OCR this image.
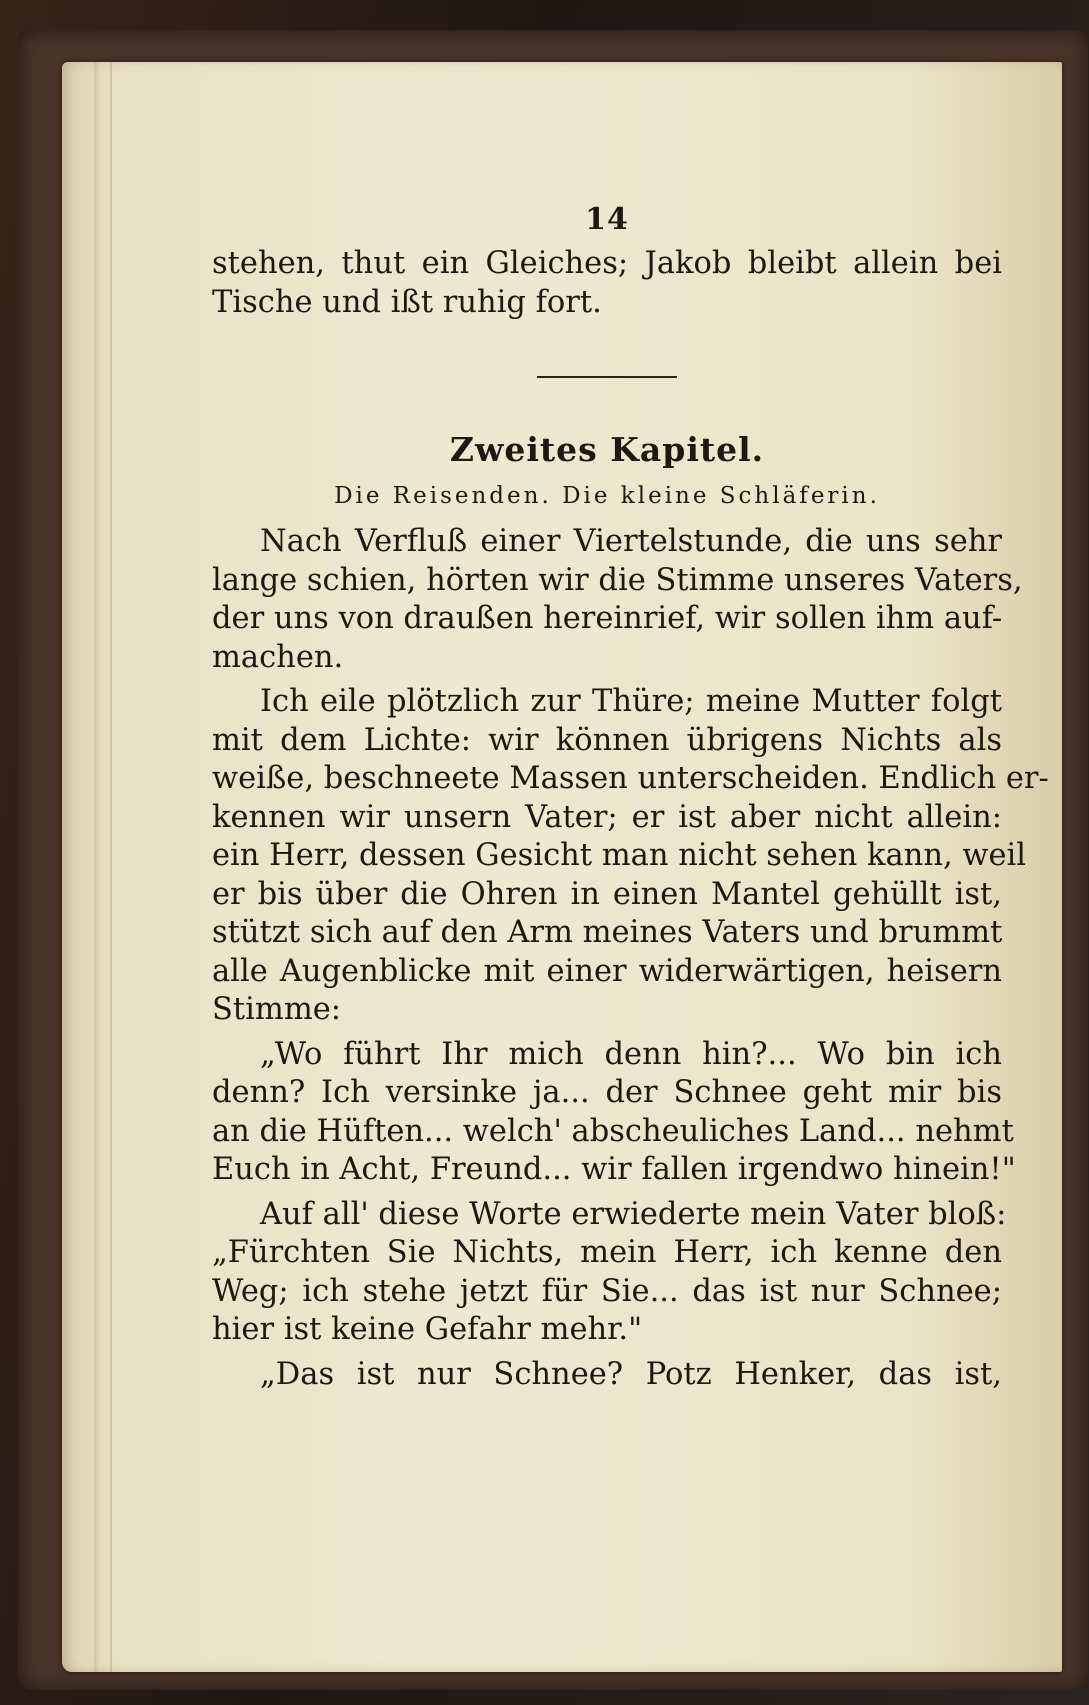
14
stehen, thut ein Gleiches; Jakob bleibt allein bei
Tische und ißt ruhig fort.
Zweites Kapitel.
Die Reisenden. Die kleine Schläferin.
Nach Verfluß einer Viertelstunde, die uns sehr
lange schien, hörten wir die Stimme unseres Vaters,
der uns von draußen hereinrief, wir sollen ihm auf-
machen.
Ich eile plötzlich zur Thüre; meine Mutter folgt
mit dem Lichte: wir können übrigens Nichts als
weiße, beschneete Massen unterscheiden. Endlich er-
kennen wir unsern Vater; er ist aber nicht allein:
ein Herr, dessen Gesicht man nicht sehen kann, weil
er bis über die Ohren in einen Mantel gehüllt ist,
stützt sich auf den Arm meines Vaters und brummt
alle Augenblicke mit einer widerwärtigen, heisern
Stimme:
„Wo führt Ihr mich denn hin?... Wo bin ich
denn? Ich versinke ja... der Schnee geht mir bis
an die Hüften... welch' abscheuliches Land... nehmt
Euch in Acht, Freund... wir fallen irgendwo hinein!"
Auf all' diese Worte erwiederte mein Vater bloß:
„Fürchten Sie Nichts, mein Herr, ich kenne den
Weg; ich stehe jetzt für Sie... das ist nur Schnee;
hier ist keine Gefahr mehr."
„Das ist nur Schnee? Potz Henker, das ist,
